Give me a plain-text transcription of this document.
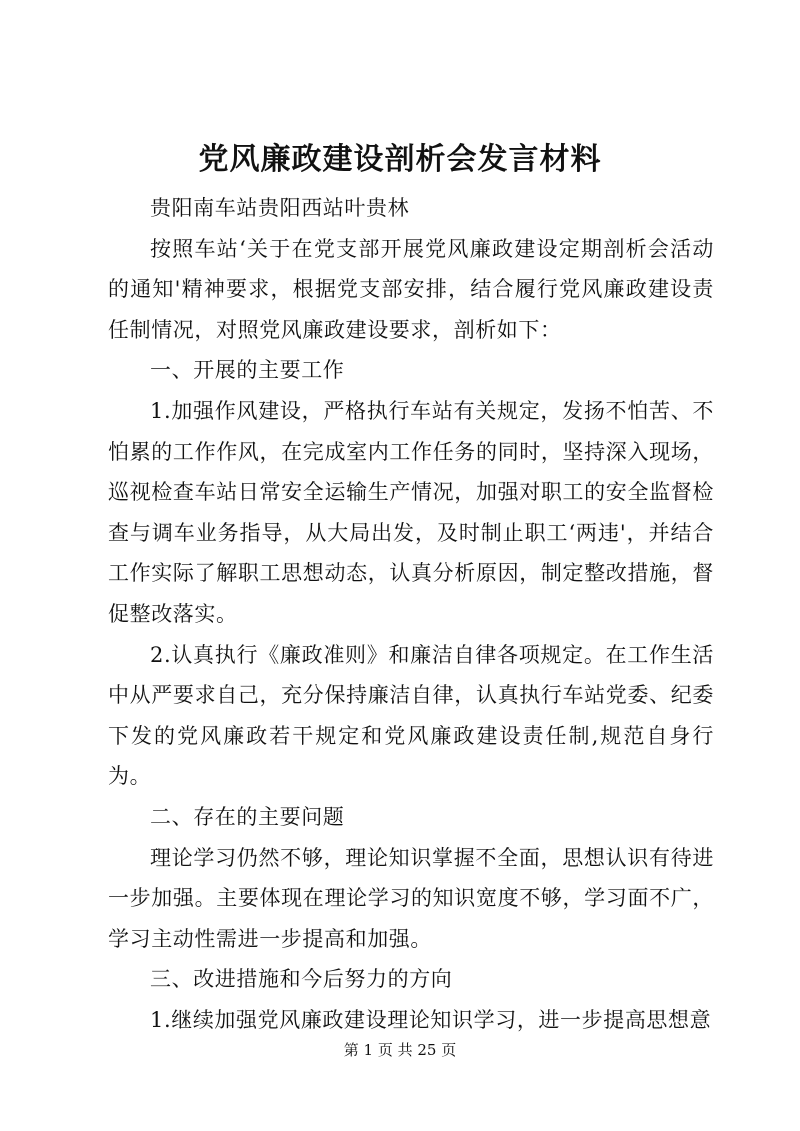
党风廉政建设剖析会发言材料

贵阳南车站贵阳西站叶贵林

按照车站‘关于在党支部开展党风廉政建设定期剖析会活动的通知'精神要求，根据党支部安排，结合履行党风廉政建设责任制情况，对照党风廉政建设要求，剖析如下：

一、开展的主要工作

1.加强作风建设，严格执行车站有关规定，发扬不怕苦、不怕累的工作作风，在完成室内工作任务的同时，坚持深入现场，巡视检查车站日常安全运输生产情况，加强对职工的安全监督检查与调车业务指导，从大局出发，及时制止职工‘两违'，并结合工作实际了解职工思想动态，认真分析原因，制定整改措施，督促整改落实。

2.认真执行《廉政准则》和廉洁自律各项规定。在工作生活中从严要求自己，充分保持廉洁自律，认真执行车站党委、纪委下发的党风廉政若干规定和党风廉政建设责任制,规范自身行为。

二、存在的主要问题

理论学习仍然不够，理论知识掌握不全面，思想认识有待进一步加强。主要体现在理论学习的知识宽度不够，学习面不广，学习主动性需进一步提高和加强。

三、改进措施和今后努力的方向

1.继续加强党风廉政建设理论知识学习，进一步提高思想意

第 1 页 共 25 页
